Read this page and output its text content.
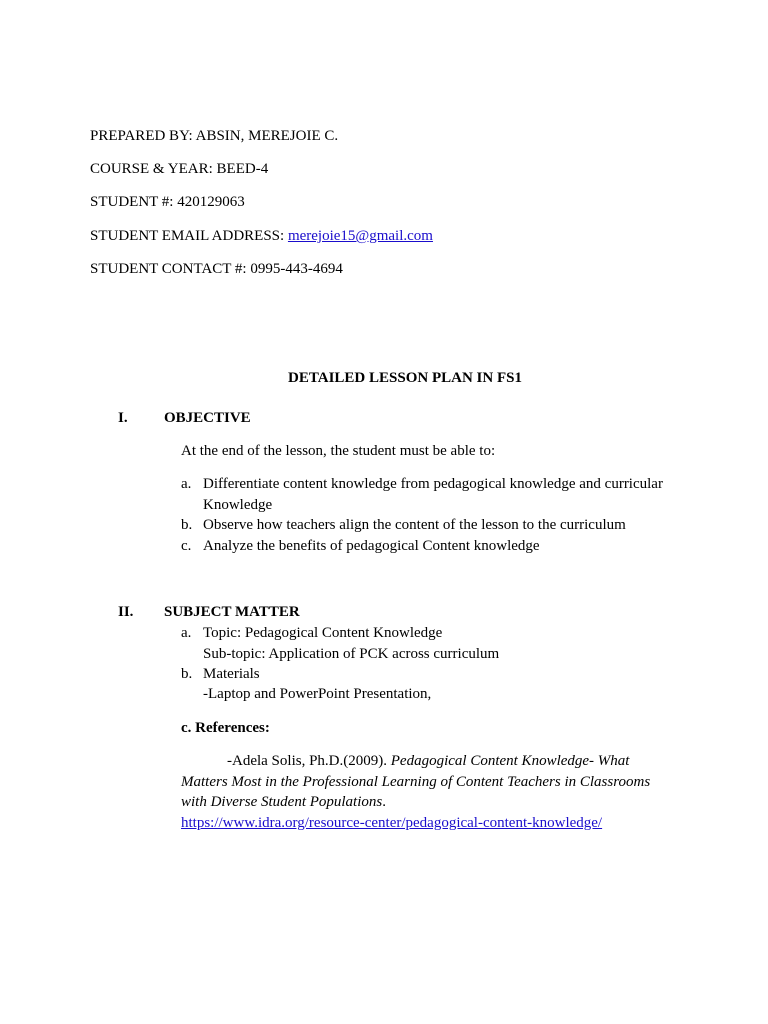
PREPARED BY: ABSIN, MEREJOIE C.
COURSE & YEAR: BEED-4
STUDENT #: 420129063
STUDENT EMAIL ADDRESS: merejoie15@gmail.com
STUDENT CONTACT #: 0995-443-4694
DETAILED LESSON PLAN IN FS1
I. OBJECTIVE
At the end of the lesson, the student must be able to:
a. Differentiate content knowledge from pedagogical knowledge and curricular
Knowledge
b. Observe how teachers align the content of the lesson to the curriculum
c. Analyze the benefits of pedagogical Content knowledge
II. SUBJECT MATTER
a. Topic: Pedagogical Content Knowledge
Sub-topic: Application of PCK across curriculum
b. Materials
-Laptop and PowerPoint Presentation,
c. References:
-Adela Solis, Ph.D.(2009). Pedagogical Content Knowledge- What
Matters Most in the Professional Learning of Content Teachers in Classrooms
with Diverse Student Populations.
https://www.idra.org/resource-center/pedagogical-content-knowledge/
